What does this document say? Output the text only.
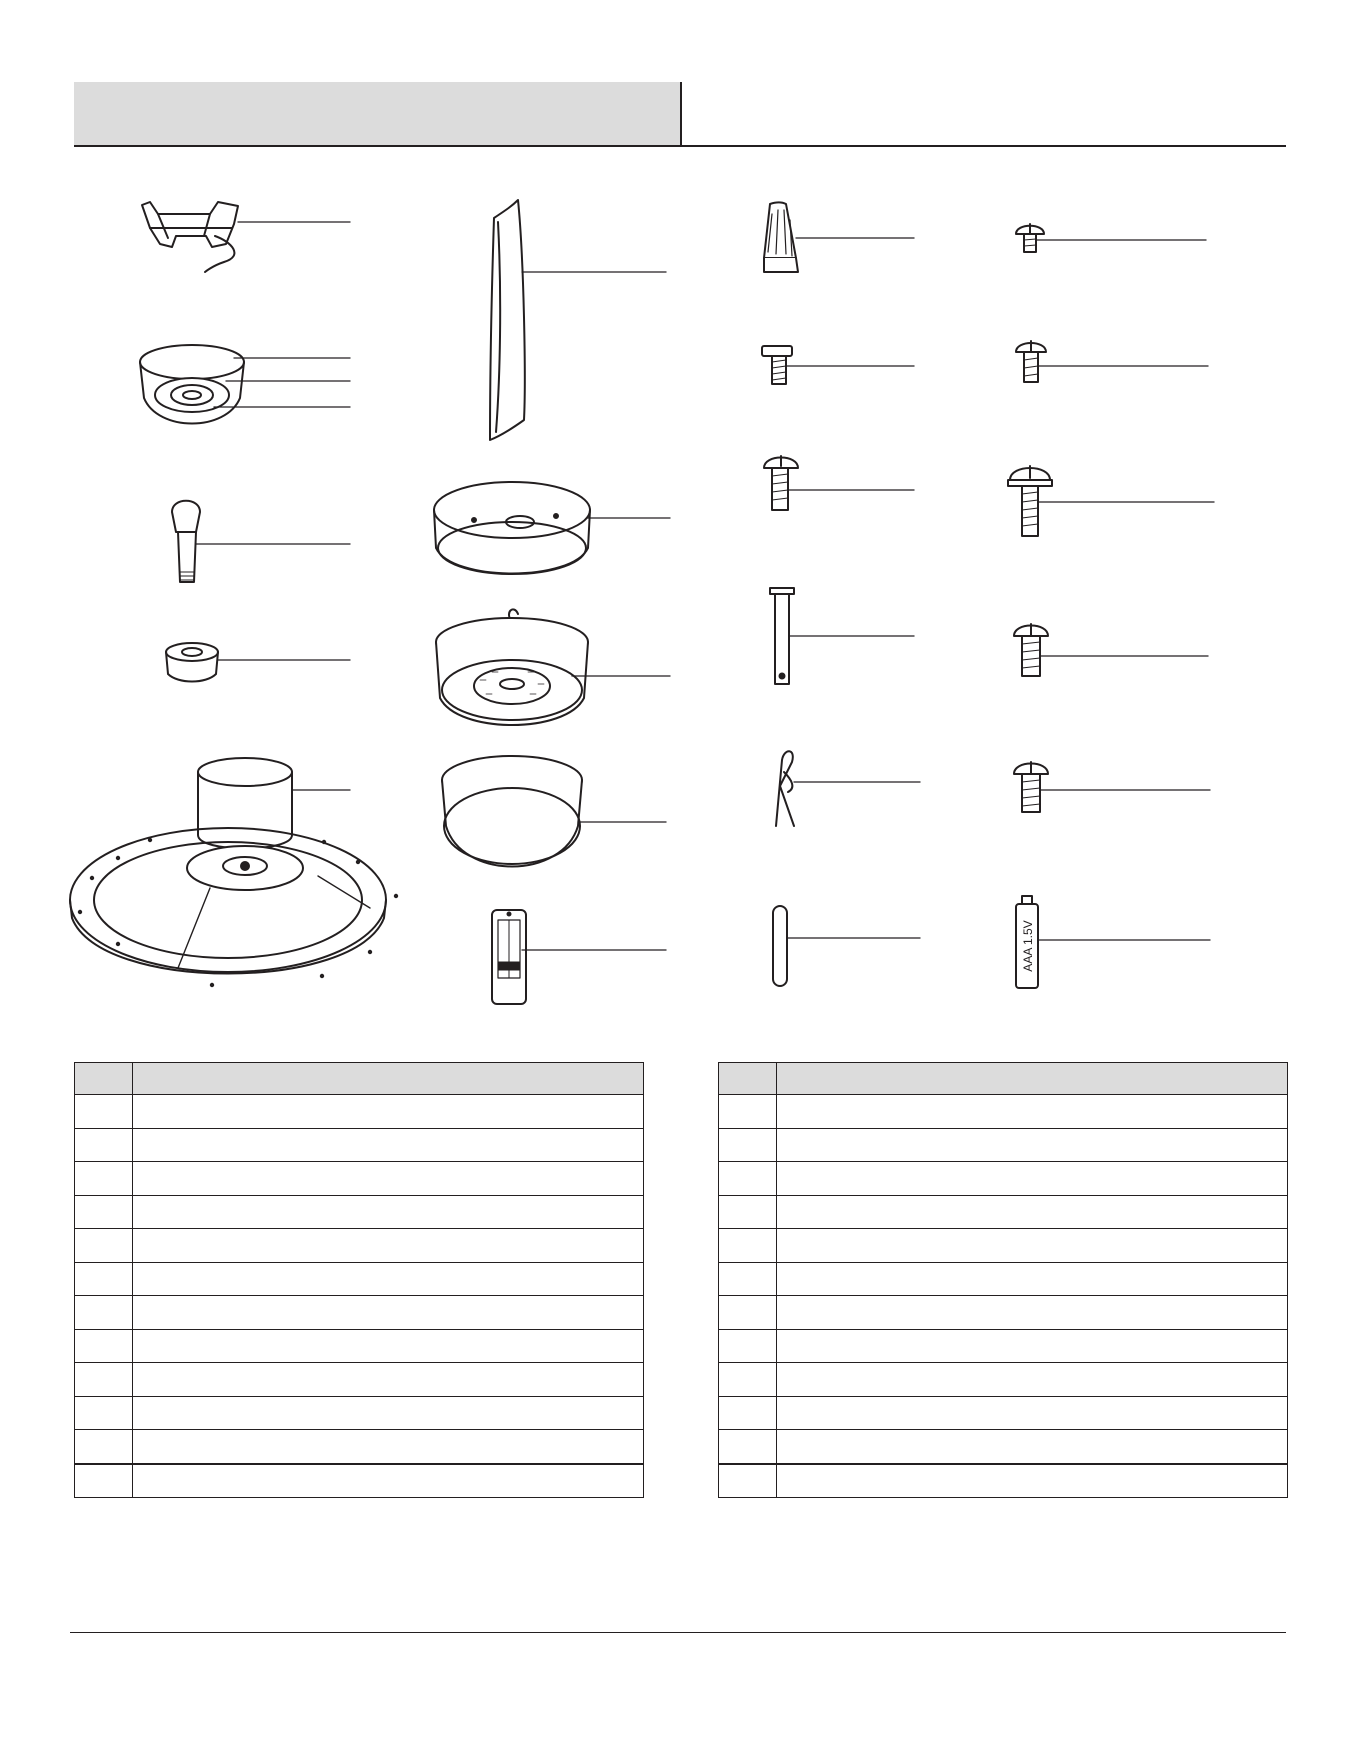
AAA 1.5V
